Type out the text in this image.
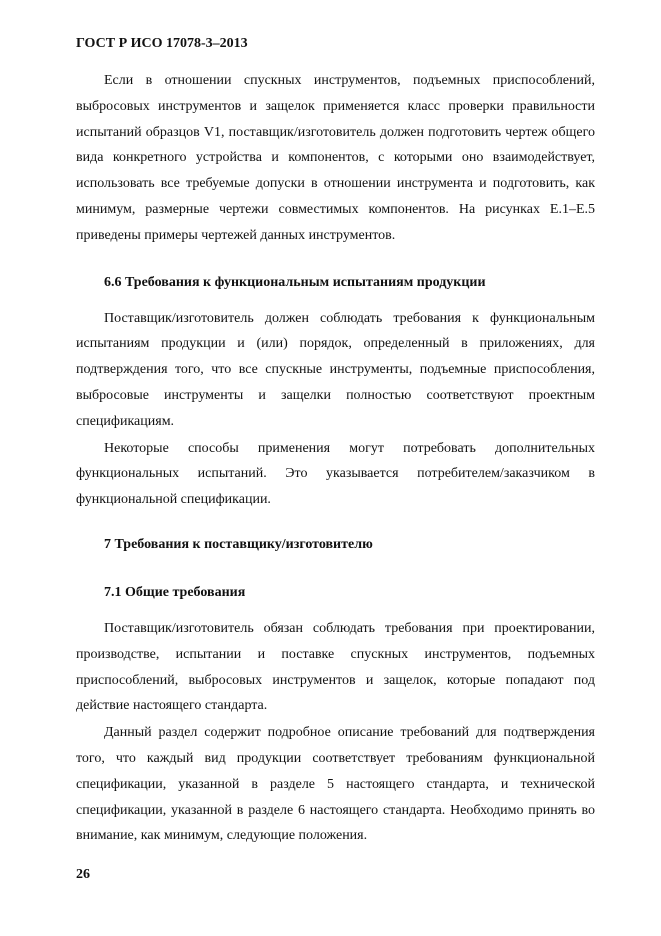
ГОСТ Р ИСО 17078-3–2013

Если в отношении спускных инструментов, подъемных приспособлений, выбросовых инструментов и защелок применяется класс проверки правильности испытаний образцов V1, поставщик/изготовитель должен подготовить чертеж общего вида конкретного устройства и компонентов, с которыми оно взаимодействует, использовать все требуемые допуски в отношении инструмента и подготовить, как минимум, размерные чертежи совместимых компонентов. На рисунках Е.1–Е.5 приведены примеры чертежей данных инструментов.

6.6 Требования к функциональным испытаниям продукции

Поставщик/изготовитель должен соблюдать требования к функциональным испытаниям продукции и (или) порядок, определенный в приложениях, для подтверждения того, что все спускные инструменты, подъемные приспособления, выбросовые инструменты и защелки полностью соответствуют проектным спецификациям.

Некоторые способы применения могут потребовать дополнительных функциональных испытаний. Это указывается потребителем/заказчиком в функциональной спецификации.

7 Требования к поставщику/изготовителю
7.1 Общие требования

Поставщик/изготовитель обязан соблюдать требования при проектировании, производстве, испытании и поставке спускных инструментов, подъемных приспособлений, выбросовых инструментов и защелок, которые попадают под действие настоящего стандарта.

Данный раздел содержит подробное описание требований для подтверждения того, что каждый вид продукции соответствует требованиям функциональной спецификации, указанной в разделе 5 настоящего стандарта, и технической спецификации, указанной в разделе 6 настоящего стандарта. Необходимо принять во внимание, как минимум, следующие положения.

26
